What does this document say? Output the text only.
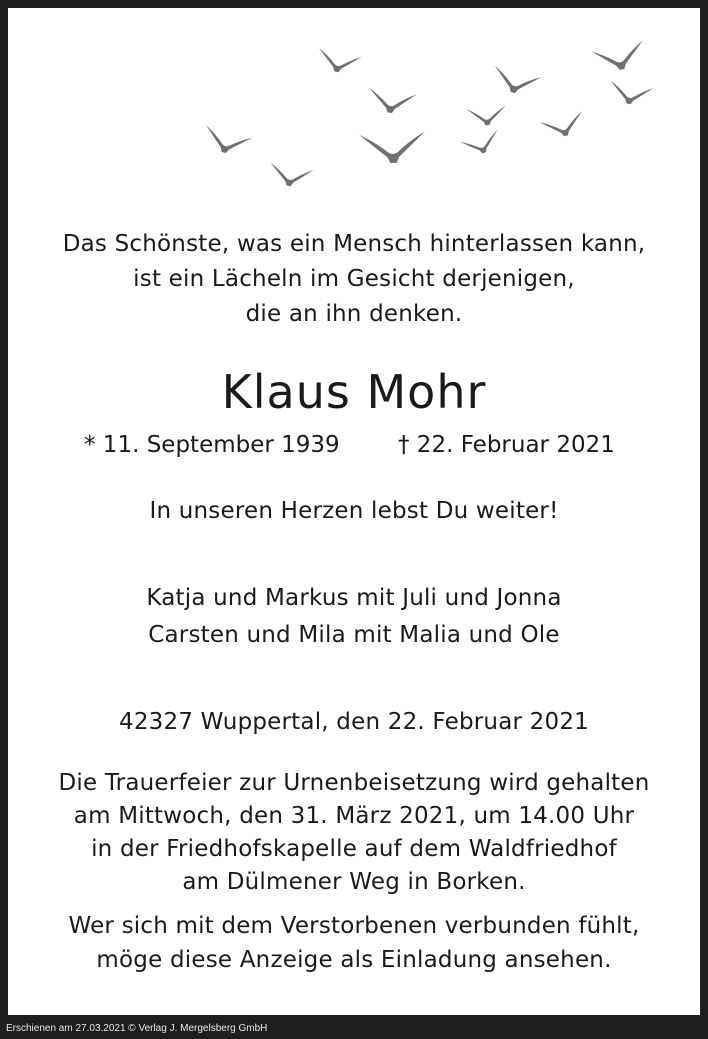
Das Schönste, was ein Mensch hinterlassen kann,
ist ein Lächeln im Gesicht derjenigen,
die an ihn denken.
Klaus Mohr
* 11. September 1939	† 22. Februar 2021
In unseren Herzen lebst Du weiter!
Katja und Markus mit Juli und Jonna
Carsten und Mila mit Malia und Ole
42327 Wuppertal, den 22. Februar 2021
Die Trauerfeier zur Urnenbeisetzung wird gehalten
am Mittwoch, den 31. März 2021, um 14.00 Uhr
in der Friedhofskapelle auf dem Waldfriedhof
am Dülmener Weg in Borken.
Wer sich mit dem Verstorbenen verbunden fühlt,
möge diese Anzeige als Einladung ansehen.
Erschienen am 27.03.2021 © Verlag J. Mergelsberg GmbH
